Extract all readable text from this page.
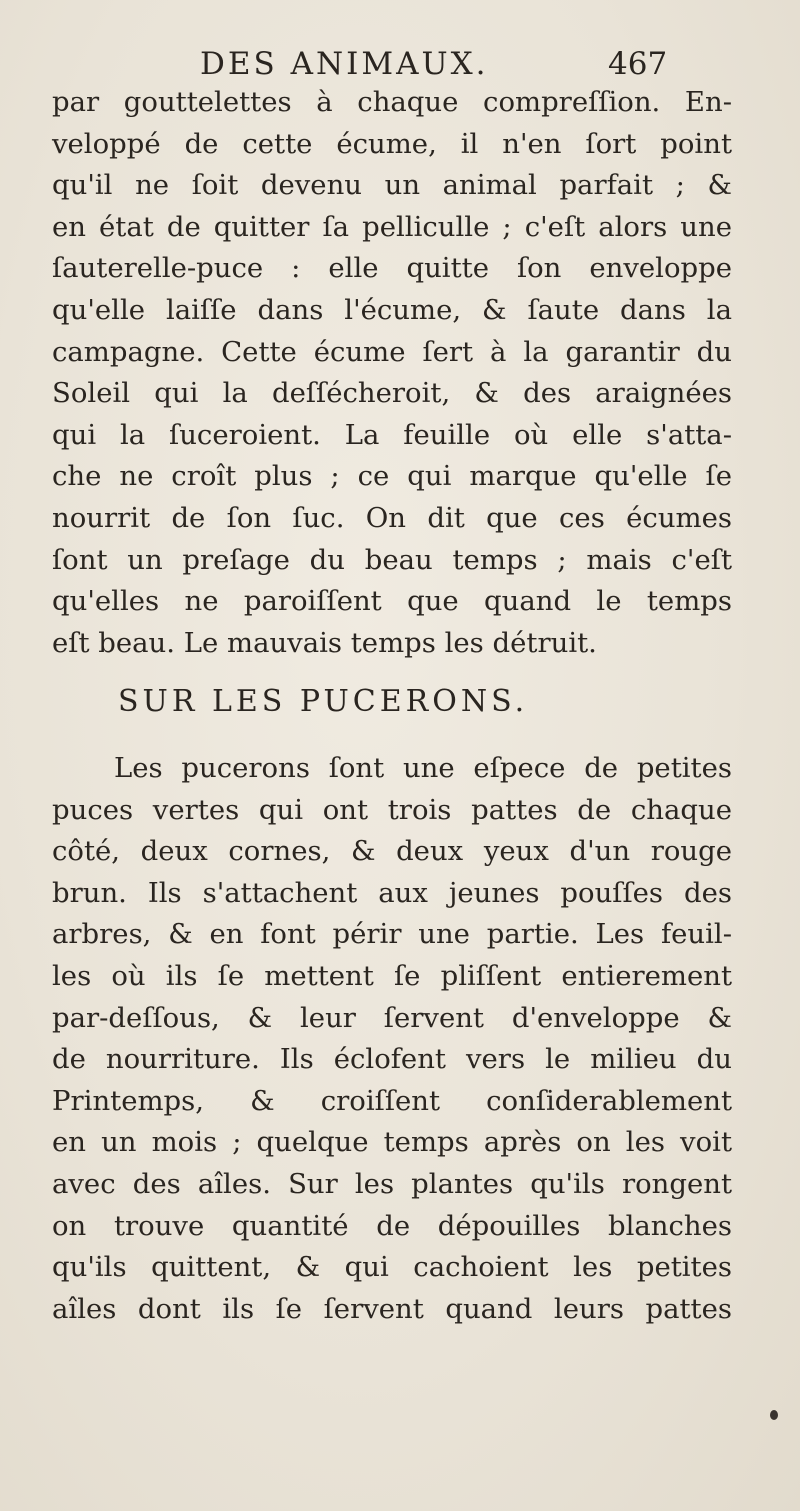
DES ANIMAUX.	467
par gouttelettes à chaque compreſſion. En-
veloppé de cette écume, il n'en ſort point
qu'il ne ſoit devenu un animal parfait ; &
en état de quitter ſa pelliculle ; c'eſt alors une
ſauterelle-puce : elle quitte ſon enveloppe
qu'elle laiſſe dans l'écume, & ſaute dans la
campagne. Cette écume ſert à la garantir du
Soleil qui la deſſécheroit, & des araignées
qui la ſuceroient. La feuille où elle s'atta-
che ne croît plus ; ce qui marque qu'elle ſe
nourrit de ſon ſuc. On dit que ces écumes
ſont un preſage du beau temps ; mais c'eſt
qu'elles ne paroiſſent que quand le temps
eſt beau. Le mauvais temps les détruit.
SUR LES PUCERONS.
Les pucerons ſont une eſpece de petites
puces vertes qui ont trois pattes de chaque
côté, deux cornes, & deux yeux d'un rouge
brun. Ils s'attachent aux jeunes pouſſes des
arbres, & en font périr une partie. Les feuil-
les où ils ſe mettent ſe pliſſent entierement
par-deſſous, & leur ſervent d'enveloppe &
de nourriture. Ils éclofent vers le milieu du
Printemps, & croiſſent conſiderablement
en un mois ; quelque temps après on les voit
avec des aîles. Sur les plantes qu'ils rongent
on trouve quantité de dépouilles blanches
qu'ils quittent, & qui cachoient les petites
aîles dont ils ſe ſervent quand leurs pattes
